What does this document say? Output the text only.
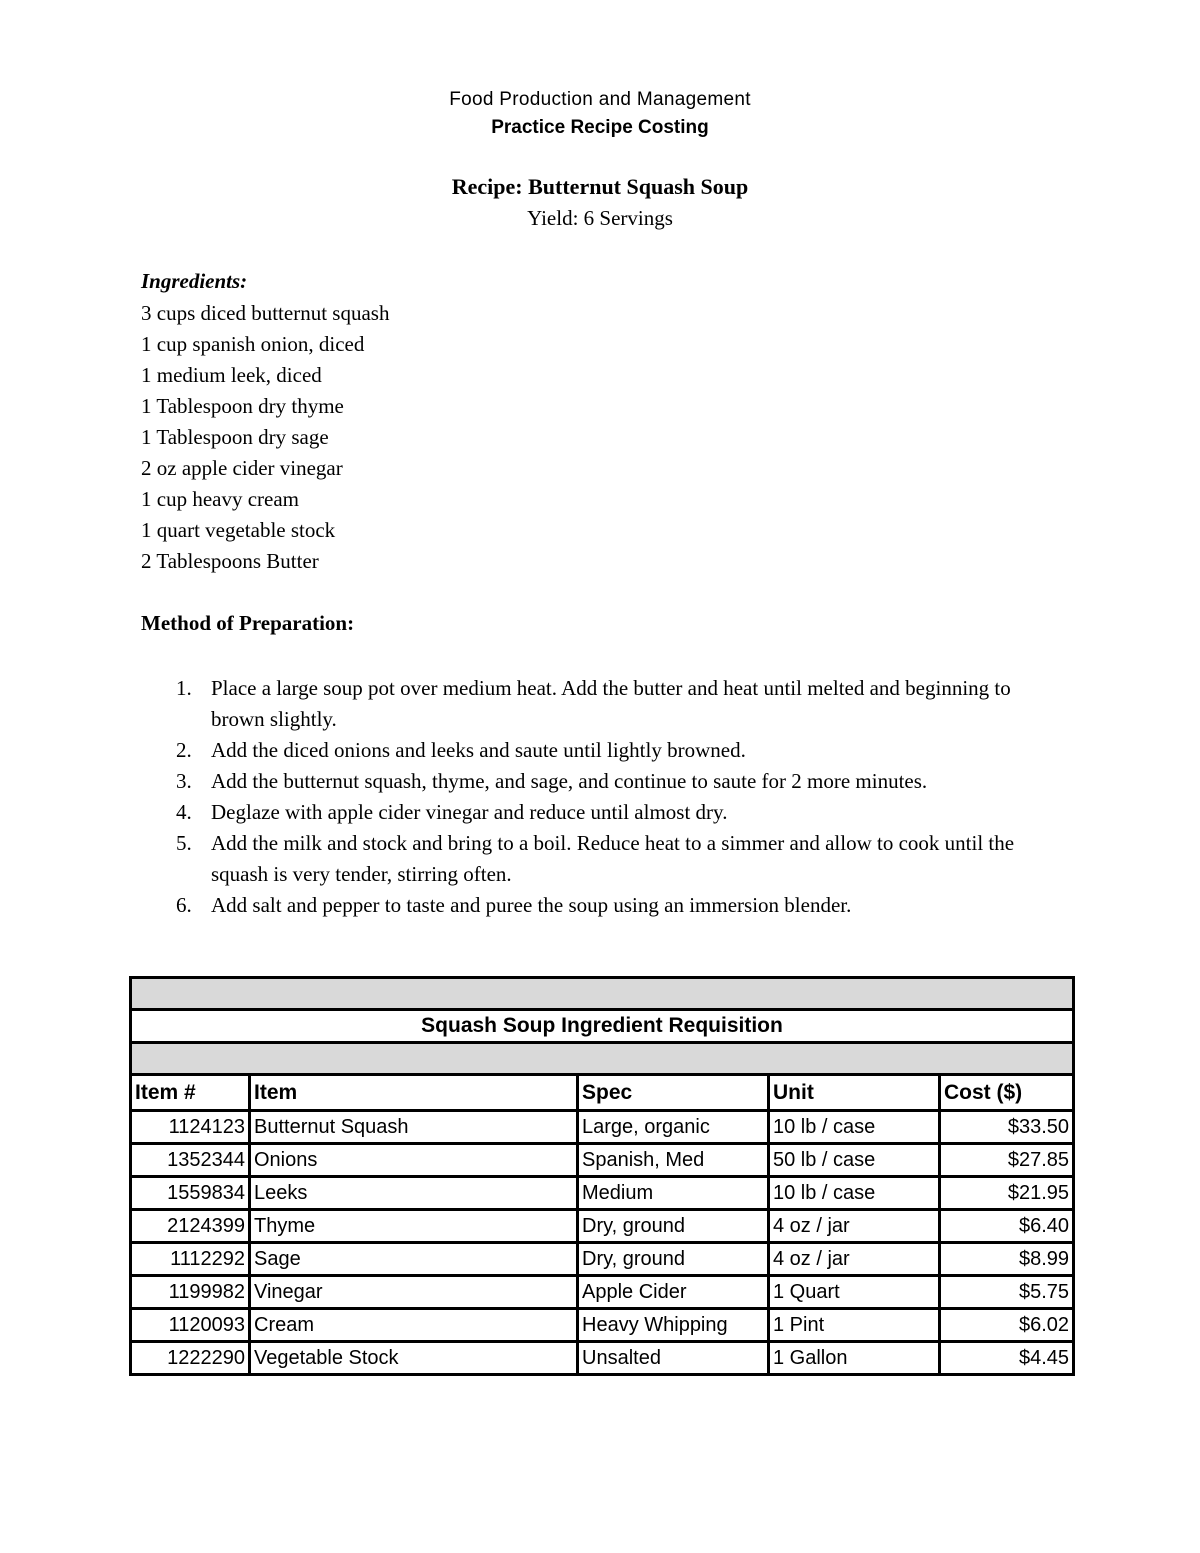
Food Production and Management
Practice Recipe Costing
Recipe: Butternut Squash Soup
Yield: 6 Servings
Ingredients:
3 cups diced butternut squash
1 cup spanish onion, diced
1 medium leek, diced
1 Tablespoon dry thyme
1 Tablespoon dry sage
2 oz apple cider vinegar
1 cup heavy cream
1 quart vegetable stock
2 Tablespoons Butter
Method of Preparation:
1. Place a large soup pot over medium heat. Add the butter and heat until melted and beginning to brown slightly.
2. Add the diced onions and leeks and saute until lightly browned.
3. Add the butternut squash, thyme, and sage, and continue to saute for 2 more minutes.
4. Deglaze with apple cider vinegar and reduce until almost dry.
5. Add the milk and stock and bring to a boil. Reduce heat to a simmer and allow to cook until the squash is very tender, stirring often.
6. Add salt and pepper to taste and puree the soup using an immersion blender.

Squash Soup Ingredient Requisition				

Item #	Item	Spec	Unit	Cost ($)
1124123	Butternut Squash	Large, organic	10 lb / case	$33.50
1352344	Onions	Spanish, Med	50 lb / case	$27.85
1559834	Leeks	Medium	10 lb / case	$21.95
2124399	Thyme	Dry, ground	4 oz / jar	$6.40
1112292	Sage	Dry, ground	4 oz / jar	$8.99
1199982	Vinegar	Apple Cider	1 Quart	$5.75
1120093	Cream	Heavy Whipping	1 Pint	$6.02
1222290	Vegetable Stock	Unsalted	1 Gallon	$4.45
